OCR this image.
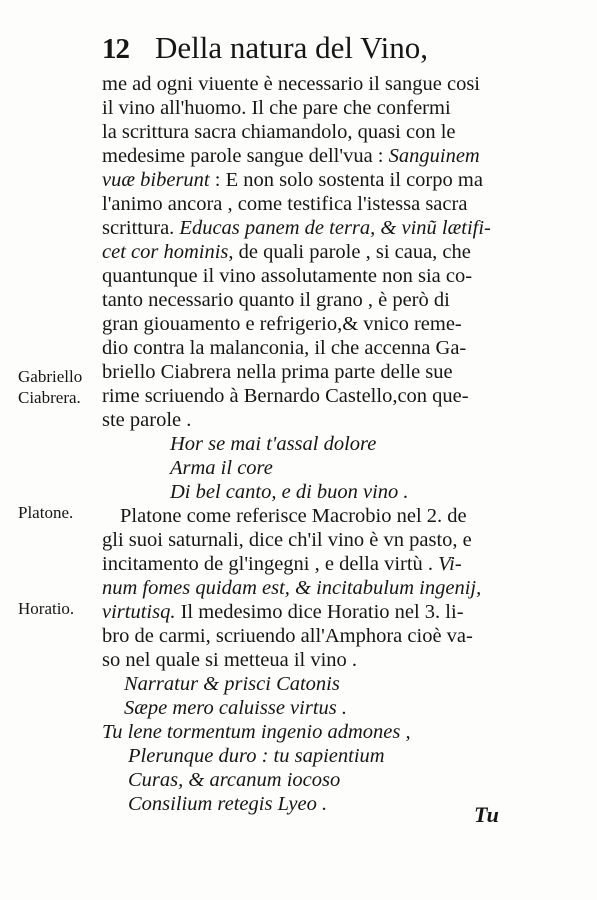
12 Della natura del Vino,
me ad ogni viuente è necessario il sangue cosi
il vino all'huomo. Il che pare che confermi
la scrittura sacra chiamandolo, quasi con le
medesime parole sangue dell'vua : Sanguinem
vuæ biberunt : E non solo sostenta il corpo ma
l'animo ancora , come testifica l'istessa sacra
scrittura. Educas panem de terra, & vinũ lætifi-
cet cor hominis, de quali parole , si caua, che
quantunque il vino assolutamente non sia co-
tanto necessario quanto il grano , è però di
gran giouamento e refrigerio,& vnico reme-
dio contra la malanconia, il che accenna Ga-
briello Ciabrera nella prima parte delle sue
rime scriuendo à Bernardo Castello,con que-
ste parole .
Hor se mai t'assal dolore
Arma il core
Di bel canto, e di buon vino .
Platone come referisce Macrobio nel 2. de
gli suoi saturnali, dice ch'il vino è vn pasto, e
incitamento de gl'ingegni , e della virtù . Vi-
num fomes quidam est, & incitabulum ingenij,
virtutisq. Il medesimo dice Horatio nel 3. li-
bro de carmi, scriuendo all'Amphora cioè va-
so nel quale si metteua il vino .
Narratur & prisci Catonis
Sæpe mero caluisse virtus .
Tu lene tormentum ingenio admones ,
Plerunque duro : tu sapientium
Curas, & arcanum iocoso
Consilium retegis Lyeo .
Gabriello
Ciabrera.
Platone.
Horatio.
Tu
